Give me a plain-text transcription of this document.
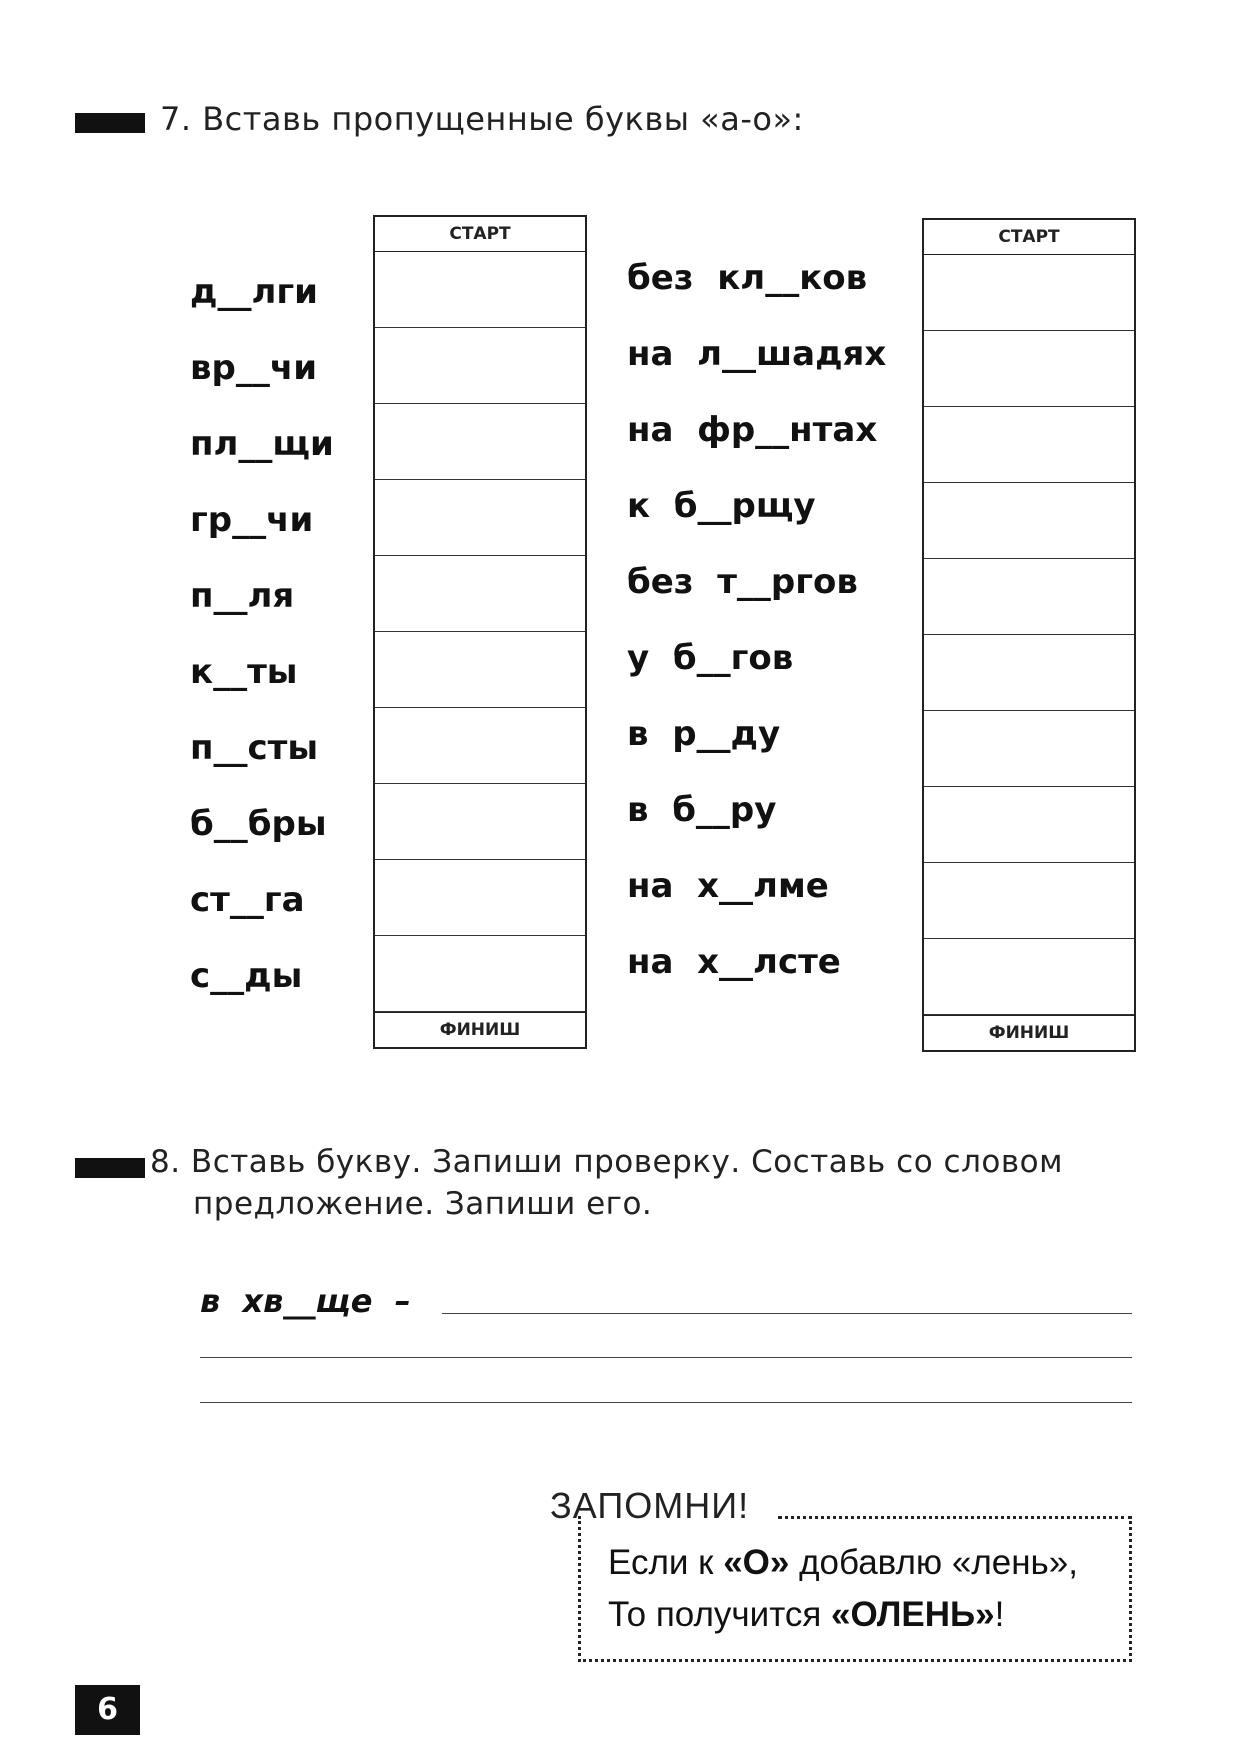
7. Вставь пропущенные буквы «а-о»:
СТАРТ
ФИНИШ
СТАРТ
ФИНИШ
д__лги
вр__чи
пл__щи
гр__чи
п__ля
к__ты
п__сты
б__бры
ст__га
с__ды
без  кл__ков
на  л__шадях
на  фр__нтах
к  б__рщу
без  т__ргов
у  б__гов
в  р__ду
в  б__ру
на  х__лме
на  х__лсте
8. Вставь букву. Запиши проверку. Составь со словом
предложение. Запиши его.
в  хв__ще  –
ЗАПОМНИ!
Если к «О» добавлю «лень»,
То получится «ОЛЕНЬ»!
6
